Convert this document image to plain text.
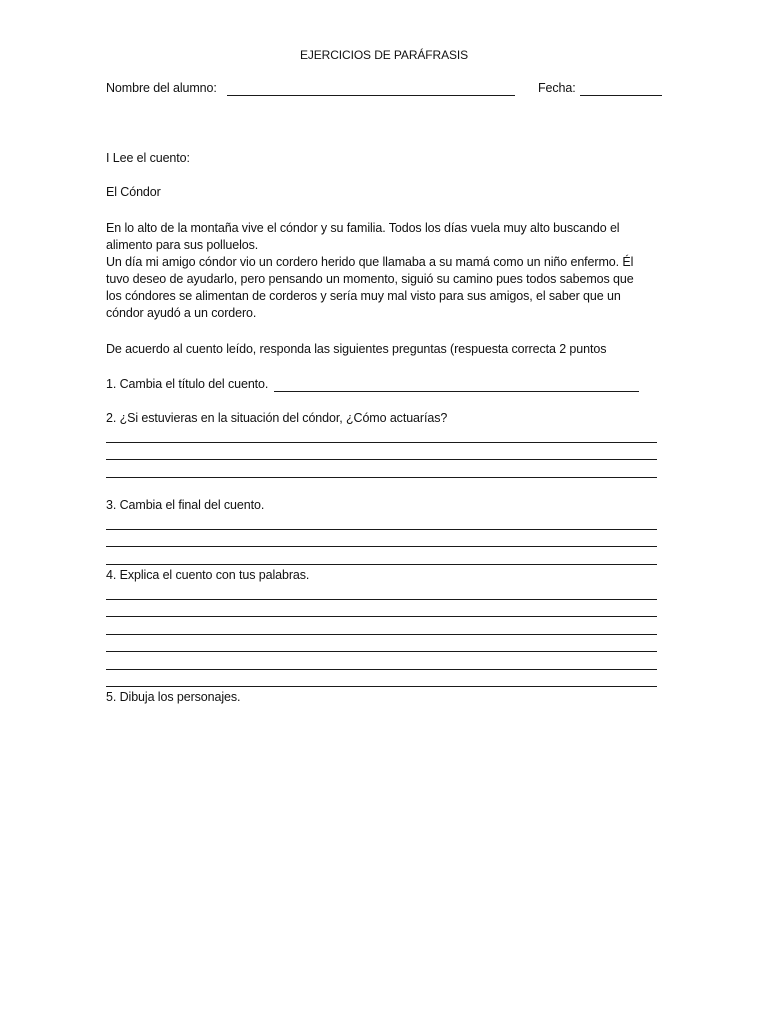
EJERCICIOS DE PARÁFRASIS
Nombre del alumno:	Fecha:
I Lee el cuento:
El Cóndor
En lo alto de la montaña vive el cóndor y su familia. Todos los días vuela muy alto buscando el
alimento para sus polluelos.
Un día mi amigo cóndor vio un cordero herido que llamaba a su mamá como un niño enfermo. Él
tuvo deseo de ayudarlo, pero pensando un momento, siguió su camino pues todos sabemos que
los cóndores se alimentan de corderos y sería muy mal visto para sus amigos, el saber que un
cóndor ayudó a un cordero.
De acuerdo al cuento leído, responda las siguientes preguntas (respuesta correcta 2 puntos
1. Cambia el título del cuento.
2. ¿Si estuvieras en la situación del cóndor, ¿Cómo actuarías?
3. Cambia el final del cuento.
4. Explica el cuento con tus palabras.
5. Dibuja los personajes.
